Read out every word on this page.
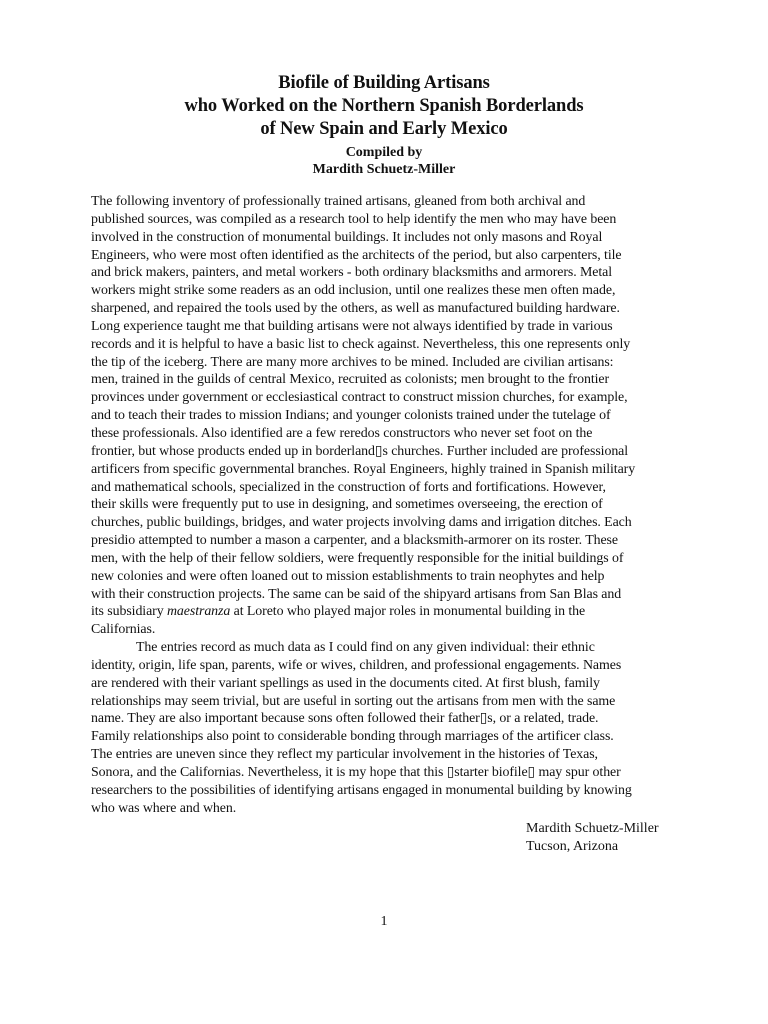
Biofile of Building Artisans
who Worked on the Northern Spanish Borderlands
of New Spain and Early Mexico
Compiled by
Mardith Schuetz-Miller
The following inventory of professionally trained artisans, gleaned from both archival and
published sources, was compiled as a research tool to help identify the men who may have been
involved in the construction of monumental buildings. It includes not only masons and Royal
Engineers, who were most often identified as the architects of the period, but also carpenters, tile
and brick makers, painters, and metal workers - both ordinary blacksmiths and armorers. Metal
workers might strike some readers as an odd inclusion, until one realizes these men often made,
sharpened, and repaired the tools used by the others, as well as manufactured building hardware.
Long experience taught me that building artisans were not always identified by trade in various
records and it is helpful to have a basic list to check against. Nevertheless, this one represents only
the tip of the iceberg. There are many more archives to be mined. Included are civilian artisans:
men, trained in the guilds of central Mexico, recruited as colonists; men brought to the frontier
provinces under government or ecclesiastical contract to construct mission churches, for example,
and to teach their trades to mission Indians; and younger colonists trained under the tutelage of
these professionals. Also identified are a few reredos constructors who never set foot on the
frontier, but whose products ended up in borderland▯s churches. Further included are professional
artificers from specific governmental branches. Royal Engineers, highly trained in Spanish military
and mathematical schools, specialized in the construction of forts and fortifications. However,
their skills were frequently put to use in designing, and sometimes overseeing, the erection of
churches, public buildings, bridges, and water projects involving dams and irrigation ditches. Each
presidio attempted to number a mason a carpenter, and a blacksmith-armorer on its roster. These
men, with the help of their fellow soldiers, were frequently responsible for the initial buildings of
new colonies and were often loaned out to mission establishments to train neophytes and help
with their construction projects. The same can be said of the shipyard artisans from San Blas and
its subsidiary maestranza at Loreto who played major roles in monumental building in the
Californias.
The entries record as much data as I could find on any given individual: their ethnic
identity, origin, life span, parents, wife or wives, children, and professional engagements. Names
are rendered with their variant spellings as used in the documents cited. At first blush, family
relationships may seem trivial, but are useful in sorting out the artisans from men with the same
name. They are also important because sons often followed their father▯s, or a related, trade.
Family relationships also point to considerable bonding through marriages of the artificer class.
The entries are uneven since they reflect my particular involvement in the histories of Texas,
Sonora, and the Californias. Nevertheless, it is my hope that this ▯starter biofile▯ may spur other
researchers to the possibilities of identifying artisans engaged in monumental building by knowing
who was where and when.
Mardith Schuetz-Miller
Tucson, Arizona
1
